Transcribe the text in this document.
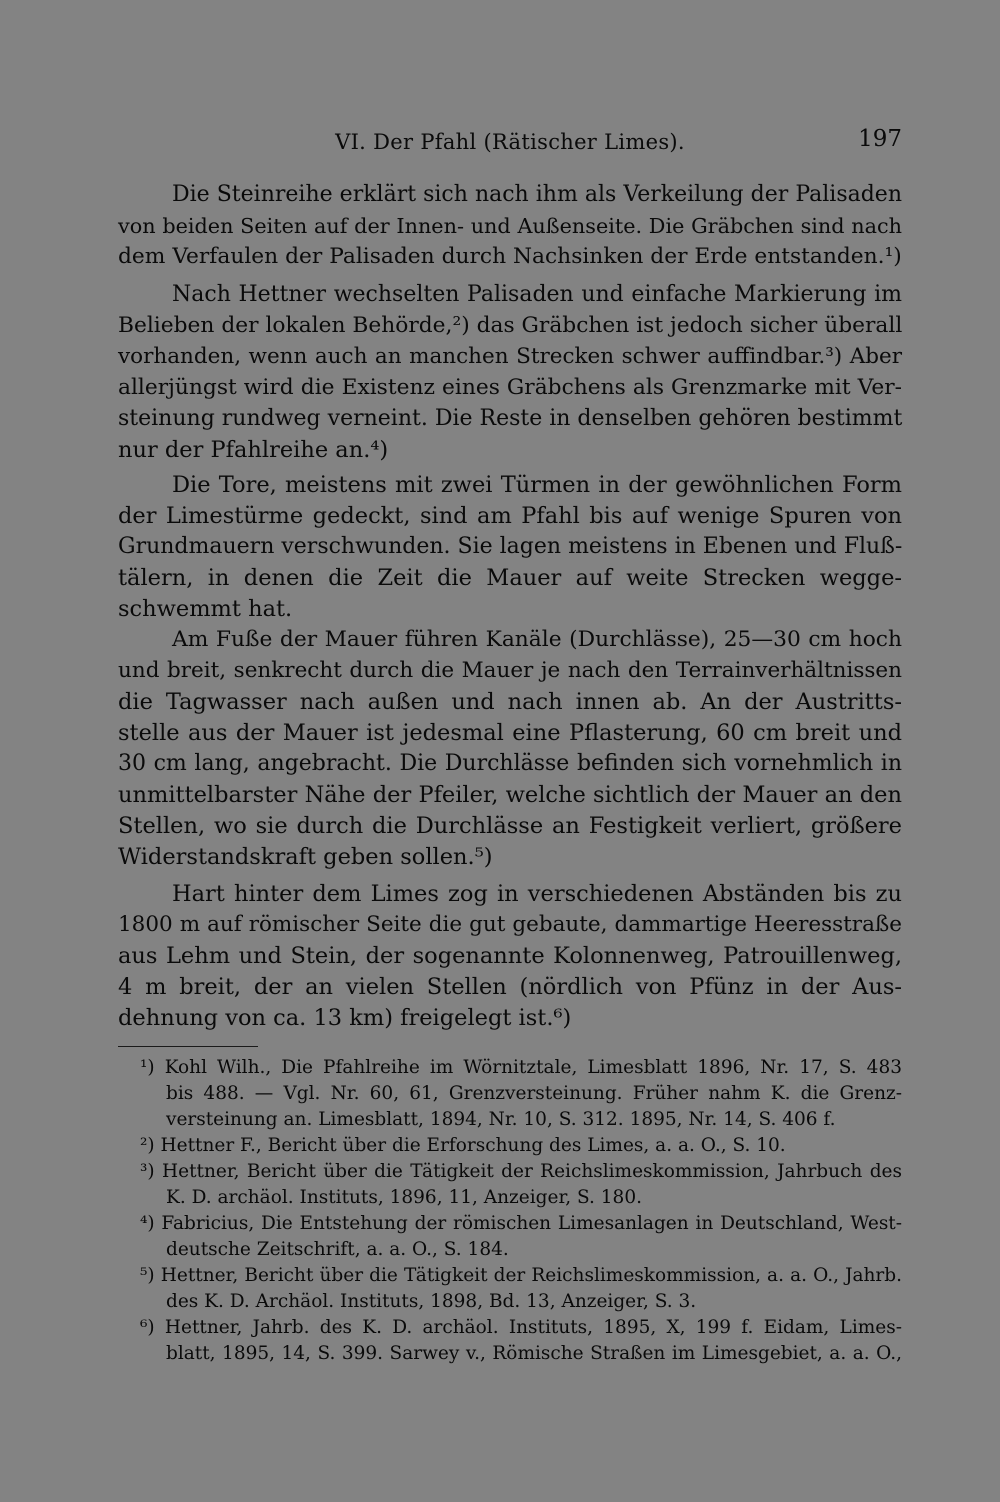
VI. Der Pfahl (Rätischer Limes).	197
Die Steinreihe erklärt sich nach ihm als Verkeilung der Palisaden
von beiden Seiten auf der Innen- und Außenseite. Die Gräbchen sind nach
dem Verfaulen der Palisaden durch Nachsinken der Erde entstanden.¹)
Nach Hettner wechselten Palisaden und einfache Markierung im
Belieben der lokalen Behörde,²) das Gräbchen ist jedoch sicher überall
vorhanden, wenn auch an manchen Strecken schwer auffindbar.³) Aber
allerjüngst wird die Existenz eines Gräbchens als Grenzmarke mit Ver-
steinung rundweg verneint. Die Reste in denselben gehören bestimmt
nur der Pfahlreihe an.⁴)
Die Tore, meistens mit zwei Türmen in der gewöhnlichen Form
der Limestürme gedeckt, sind am Pfahl bis auf wenige Spuren von
Grundmauern verschwunden. Sie lagen meistens in Ebenen und Fluß-
tälern, in denen die Zeit die Mauer auf weite Strecken wegge-
schwemmt hat.
Am Fuße der Mauer führen Kanäle (Durchlässe), 25—30 cm hoch
und breit, senkrecht durch die Mauer je nach den Terrainverhältnissen
die Tagwasser nach außen und nach innen ab. An der Austritts-
stelle aus der Mauer ist jedesmal eine Pflasterung, 60 cm breit und
30 cm lang, angebracht. Die Durchlässe befinden sich vornehmlich in
unmittelbarster Nähe der Pfeiler, welche sichtlich der Mauer an den
Stellen, wo sie durch die Durchlässe an Festigkeit verliert, größere
Widerstandskraft geben sollen.⁵)
Hart hinter dem Limes zog in verschiedenen Abständen bis zu
1800 m auf römischer Seite die gut gebaute, dammartige Heeresstraße
aus Lehm und Stein, der sogenannte Kolonnenweg, Patrouillenweg,
4 m breit, der an vielen Stellen (nördlich von Pfünz in der Aus-
dehnung von ca. 13 km) freigelegt ist.⁶)
¹) Kohl Wilh., Die Pfahlreihe im Wörnitztale, Limesblatt 1896, Nr. 17, S. 483
bis 488. — Vgl. Nr. 60, 61, Grenzversteinung. Früher nahm K. die Grenz-
versteinung an. Limesblatt, 1894, Nr. 10, S. 312. 1895, Nr. 14, S. 406 f.
²) Hettner F., Bericht über die Erforschung des Limes, a. a. O., S. 10.
³) Hettner, Bericht über die Tätigkeit der Reichslimeskommission, Jahrbuch des
K. D. archäol. Instituts, 1896, 11, Anzeiger, S. 180.
⁴) Fabricius, Die Entstehung der römischen Limesanlagen in Deutschland, West-
deutsche Zeitschrift, a. a. O., S. 184.
⁵) Hettner, Bericht über die Tätigkeit der Reichslimeskommission, a. a. O., Jahrb.
des K. D. Archäol. Instituts, 1898, Bd. 13, Anzeiger, S. 3.
⁶) Hettner, Jahrb. des K. D. archäol. Instituts, 1895, X, 199 f. Eidam, Limes-
blatt, 1895, 14, S. 399. Sarwey v., Römische Straßen im Limesgebiet, a. a. O.,
